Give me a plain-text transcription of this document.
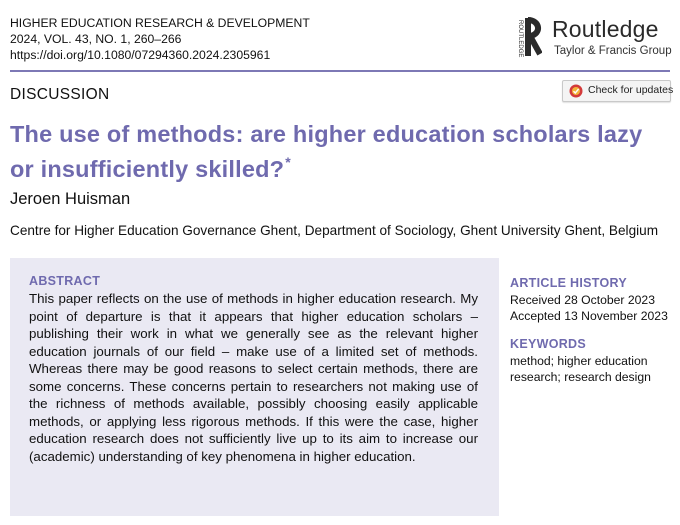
HIGHER EDUCATION RESEARCH & DEVELOPMENT
2024, VOL. 43, NO. 1, 260–266
https://doi.org/10.1080/07294360.2024.2305961	ROUTLEDGE Routledge
Taylor & Francis Group
DISCUSSION	Check for updates
The use of methods: are higher education scholars lazy or insufficiently skilled?*
Jeroen Huisman
Centre for Higher Education Governance Ghent, Department of Sociology, Ghent University Ghent, Belgium
ABSTRACT

This paper reflects on the use of methods in higher education research. My point of departure is that it appears that higher education scholars – publishing their work in what we generally see as the relevant higher education journals of our field – make use of a limited set of methods. Whereas there may be good reasons to select certain methods, there are some concerns. These concerns pertain to researchers not making use of the richness of methods available, possibly choosing easily applicable methods, or applying less rigorous methods. If this were the case, higher education research does not sufficiently live up to its aim to increase our (academic) understanding of key phenomena in higher education.

ARTICLE HISTORY
Received 28 October 2023
Accepted 13 November 2023
KEYWORDS
method; higher education research; research design
